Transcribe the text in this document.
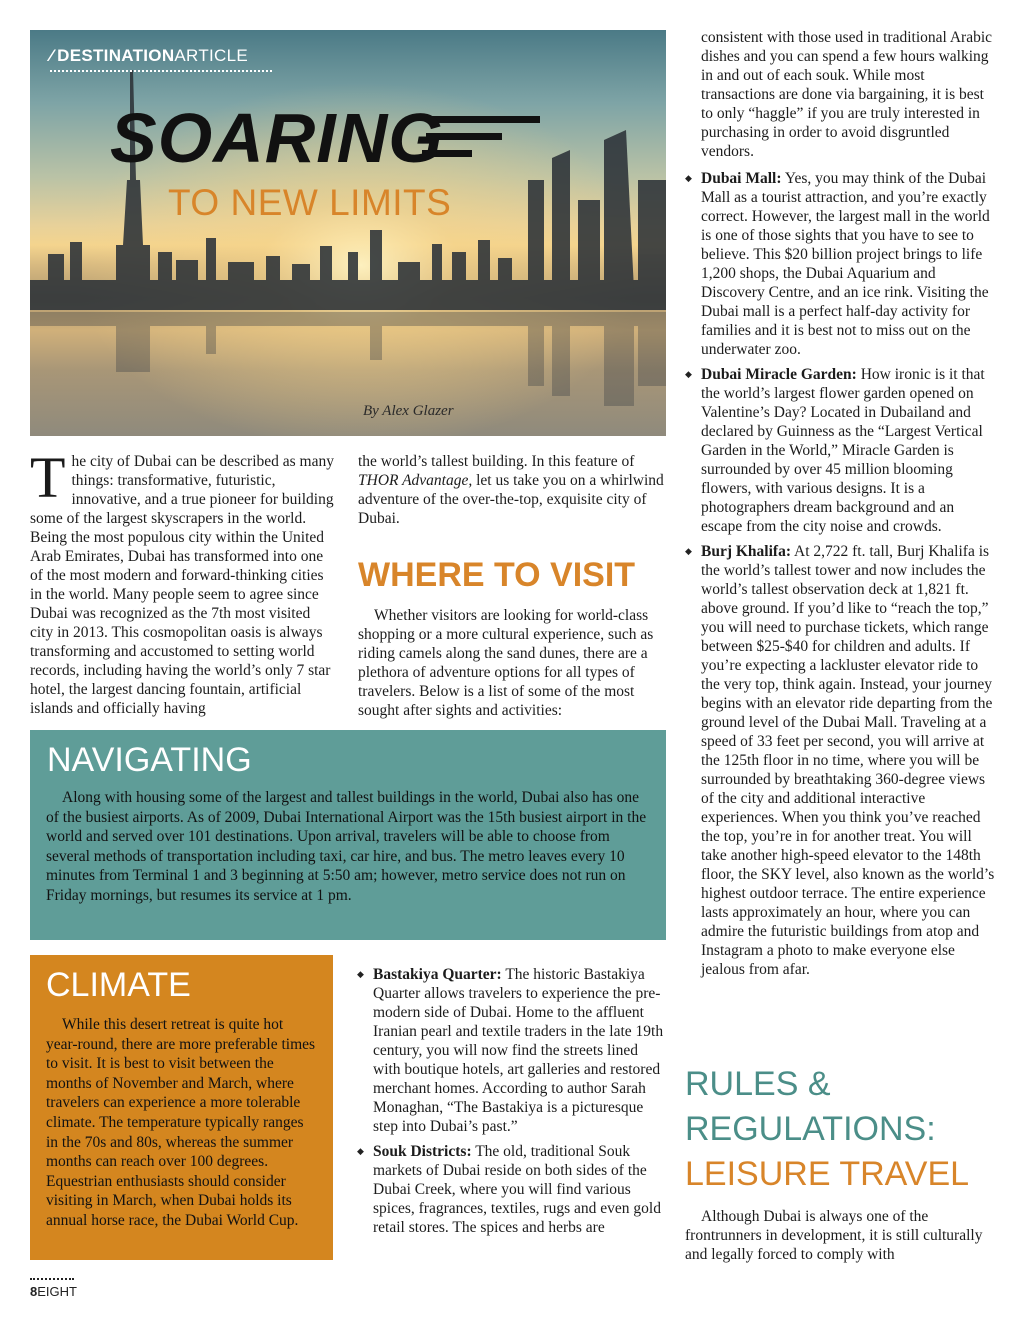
⁄ DESTINATIONARTICLE
SOARING
TO NEW LIMITS
By Alex Glazer

The city of Dubai can be described as many things: transformative, futuristic, innovative, and a true pioneer for building some of the largest skyscrapers in the world. Being the most populous city within the United Arab Emirates, Dubai has transformed into one of the most modern and forward-thinking cities in the world. Many people seem to agree since Dubai was recognized as the 7th most visited city in 2013. This cosmopolitan oasis is always transforming and accustomed to setting world records, including having the world’s only 7 star hotel, the largest dancing fountain, artificial islands and officially having

the world’s tallest building. In this feature of THOR Advantage, let us take you on a whirlwind adventure of the over-the-top, exquisite city of Dubai.

WHERE TO VISIT

Whether visitors are looking for world-class shopping or a more cultural experience, such as riding camels along the sand dunes, there are a plethora of adventure options for all types of travelers. Below is a list of some of the most sought after sights and activities:

NAVIGATING

Along with housing some of the largest and tallest buildings in the world, Dubai also has one of the busiest airports. As of 2009, Dubai International Airport was the 15th busiest airport in the world and served over 101 destinations. Upon arrival, travelers will be able to choose from several methods of transportation including taxi, car hire, and bus. The metro leaves every 10 minutes from Terminal 1 and 3 beginning at 5:50 am; however, metro service does not run on Friday mornings, but resumes its service at 1 pm.

CLIMATE

While this desert retreat is quite hot year-round, there are more preferable times to visit. It is best to visit between the months of November and March, where travelers can experience a more tolerable climate. The temperature typically ranges in the 70s and 80s, whereas the summer months can reach over 100 degrees. Equestrian enthusiasts should consider visiting in March, when Dubai holds its annual horse race, the Dubai World Cup.

◆ Bastakiya Quarter: The historic Bastakiya Quarter allows travelers to experience the pre-modern side of Dubai. Home to the affluent Iranian pearl and textile traders in the late 19th century, you will now find the streets lined with boutique hotels, art galleries and restored merchant homes. According to author Sarah Monaghan, “The Bastakiya is a picturesque step into Dubai’s past.”
◆ Souk Districts: The old, traditional Souk markets of Dubai reside on both sides of the Dubai Creek, where you will find various spices, fragrances, textiles, rugs and even gold retail stores. The spices and herbs are

consistent with those used in traditional Arabic dishes and you can spend a few hours walking in and out of each souk. While most transactions are done via bargaining, it is best to only “haggle” if you are truly interested in purchasing in order to avoid disgruntled vendors.

◆ Dubai Mall: Yes, you may think of the Dubai Mall as a tourist attraction, and you’re exactly correct. However, the largest mall in the world is one of those sights that you have to see to believe. This $20 billion project brings to life 1,200 shops, the Dubai Aquarium and Discovery Centre, and an ice rink. Visiting the Dubai mall is a perfect half-day activity for families and it is best not to miss out on the underwater zoo.
◆ Dubai Miracle Garden: How ironic is it that the world’s largest flower garden opened on Valentine’s Day? Located in Dubailand and declared by Guinness as the “Largest Vertical Garden in the World,” Miracle Garden is surrounded by over 45 million blooming flowers, with various designs. It is a photographers dream background and an escape from the city noise and crowds.
◆ Burj Khalifa: At 2,722 ft. tall, Burj Khalifa is the world’s tallest tower and now includes the world’s tallest observation deck at 1,821 ft. above ground. If you’d like to “reach the top,” you will need to purchase tickets, which range between $25-$40 for children and adults. If you’re expecting a lackluster elevator ride to the very top, think again. Instead, your journey begins with an elevator ride departing from the ground level of the Dubai Mall. Traveling at a speed of 33 feet per second, you will arrive at the 125th floor in no time, where you will be surrounded by breathtaking 360-degree views of the city and additional interactive experiences. When you think you’ve reached the top, you’re in for another treat. You will take another high-speed elevator to the 148th floor, the SKY level, also known as the world’s highest outdoor terrace. The entire experience lasts approximately an hour, where you can admire the futuristic buildings from atop and Instagram a photo to make everyone else jealous from afar.
RULES &
REGULATIONS:
LEISURE TRAVEL

Although Dubai is always one of the frontrunners in development, it is still culturally and legally forced to comply with

8EIGHT
